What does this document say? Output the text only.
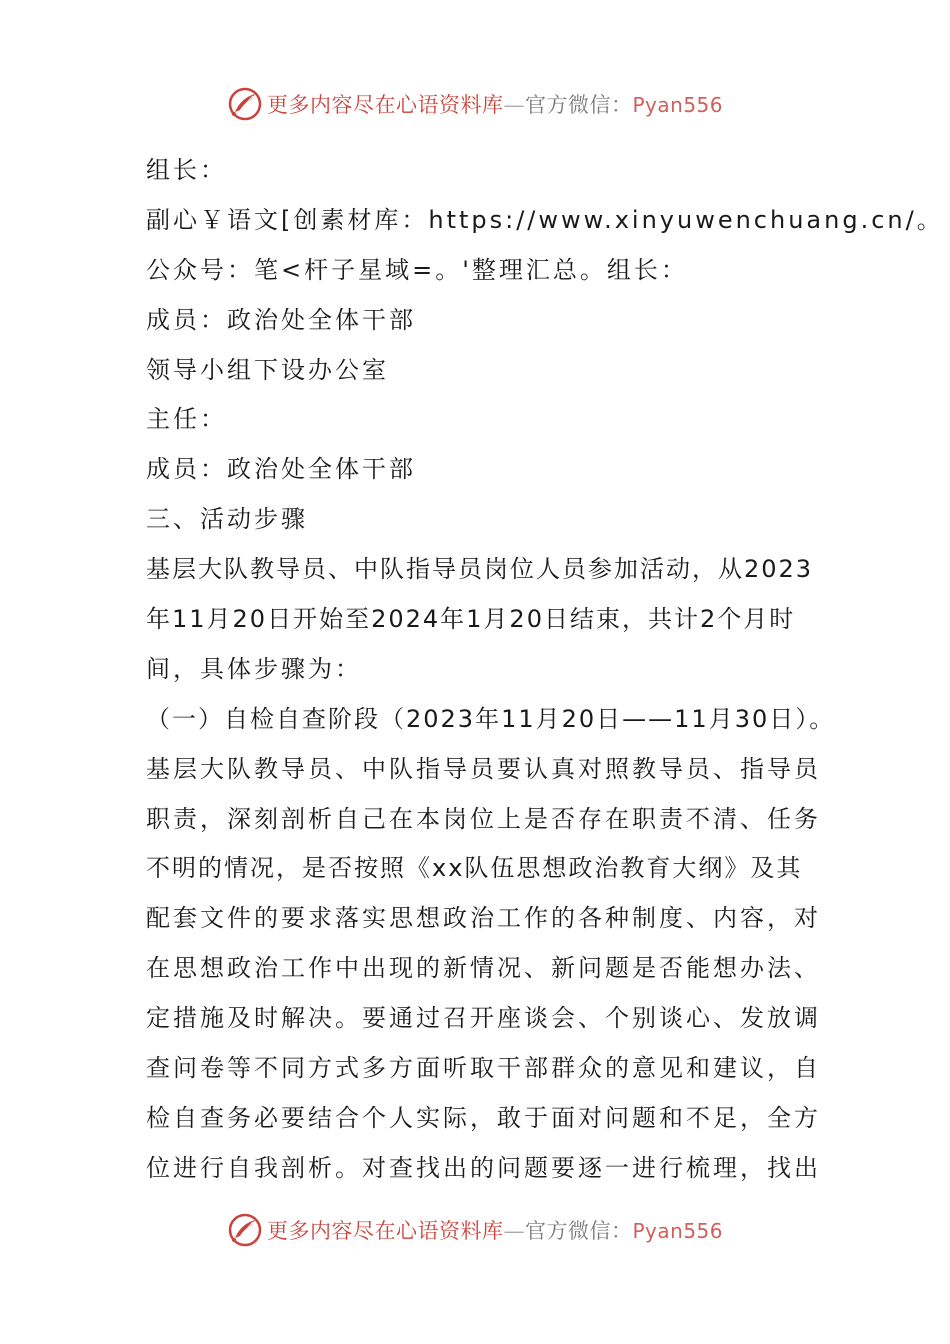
更多内容尽在心语资料库—官方微信：Pyan556
组长：
副心￥语文[创素材库：https://www.xinyuwenchuang.cn/。
公众号：笔<杆子星域=。'整理汇总。组长：
成员：政治处全体干部
领导小组下设办公室
主任：
成员：政治处全体干部
三、活动步骤
基层大队教导员、中队指导员岗位人员参加活动，从2023
年11月20日开始至2024年1月20日结束，共计2个月时
间，具体步骤为：
（一）自检自查阶段（2023年11月20日——11月30日）。
基层大队教导员、中队指导员要认真对照教导员、指导员
职责，深刻剖析自己在本岗位上是否存在职责不清、任务
不明的情况，是否按照《xx队伍思想政治教育大纲》及其
配套文件的要求落实思想政治工作的各种制度、内容，对
在思想政治工作中出现的新情况、新问题是否能想办法、
定措施及时解决。要通过召开座谈会、个别谈心、发放调
查问卷等不同方式多方面听取干部群众的意见和建议，自
检自查务必要结合个人实际，敢于面对问题和不足，全方
位进行自我剖析。对查找出的问题要逐一进行梳理，找出
更多内容尽在心语资料库—官方微信：Pyan556
